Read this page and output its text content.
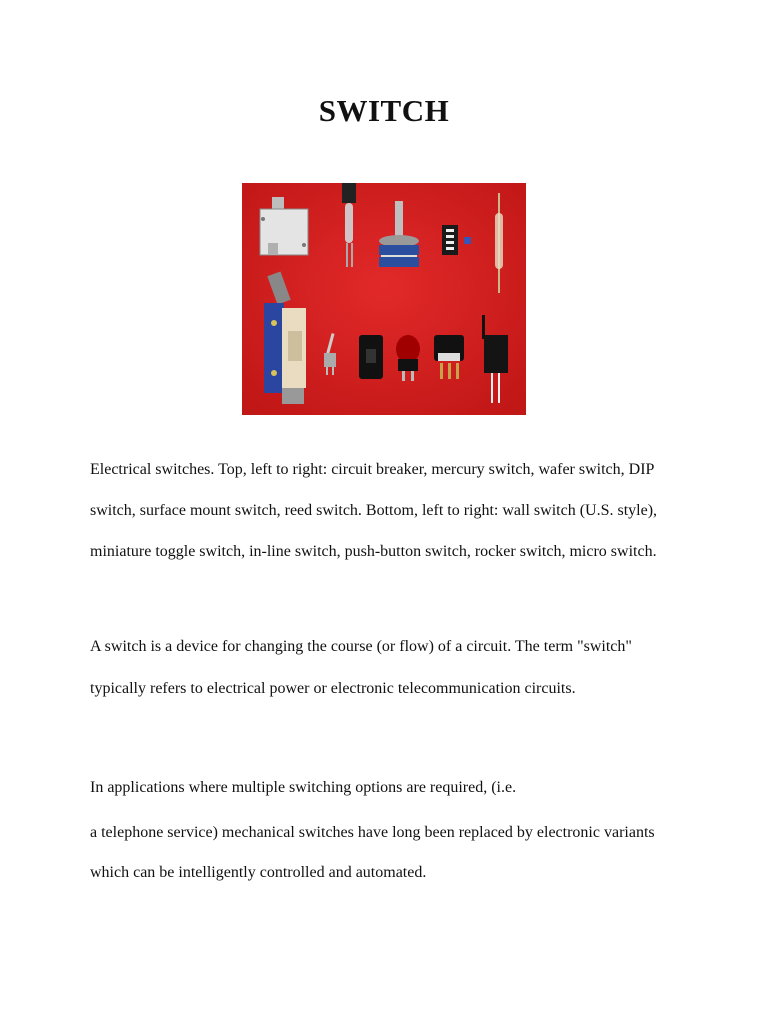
SWITCH

Electrical switches. Top, left to right: circuit breaker, mercury switch, wafer switch, DIP switch, surface mount switch, reed switch. Bottom, left to right: wall switch (U.S. style), miniature toggle switch, in-line switch, push-button switch, rocker switch, micro switch.

A switch is a device for changing the course (or flow) of a circuit. The term "switch" typically refers to electrical power or electronic telecommunication circuits.

In applications where multiple switching options are required, (i.e.
a telephone service) mechanical switches have long been replaced by electronic variants which can be intelligently controlled and automated.
